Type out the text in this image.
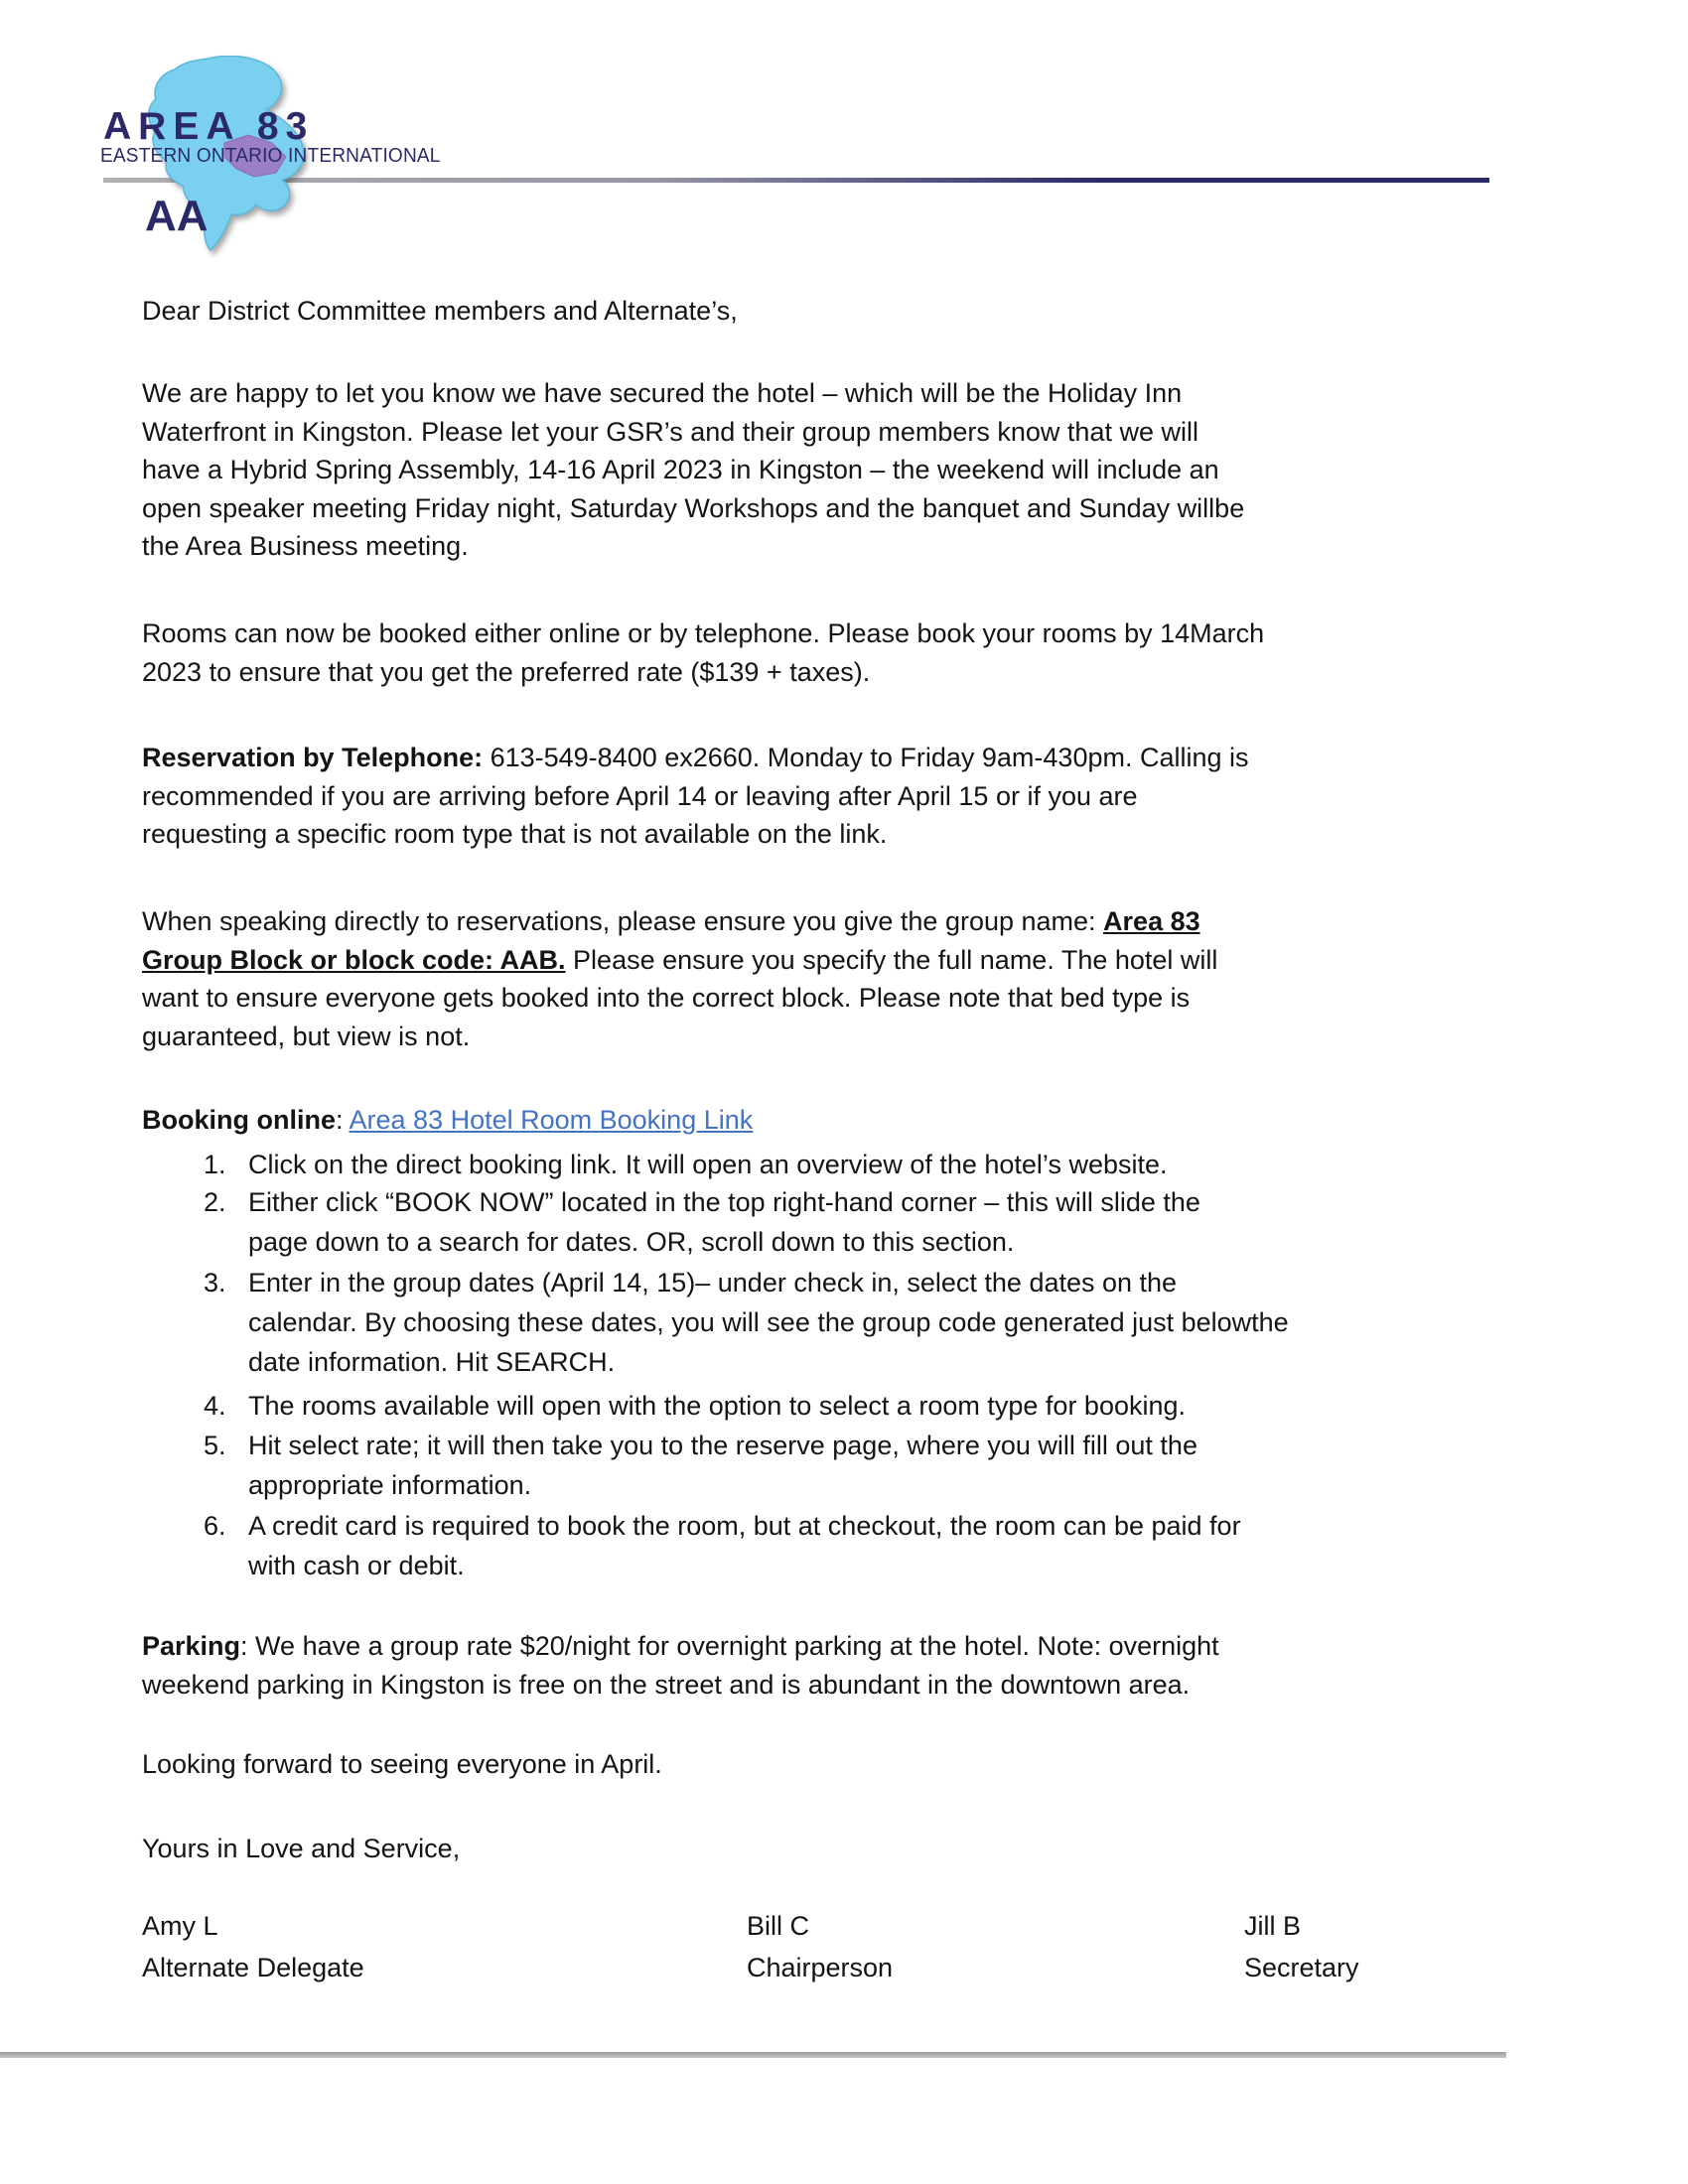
AREA 83
EASTERN ONTARIO INTERNATIONAL
AA
Dear District Committee members and Alternate’s,
We are happy to let you know we have secured the hotel – which will be the Holiday Inn
Waterfront in Kingston. Please let your GSR’s and their group members know that we will
have a Hybrid Spring Assembly, 14-16 April 2023 in Kingston – the weekend will include an
open speaker meeting Friday night, Saturday Workshops and the banquet and Sunday willbe
the Area Business meeting.
Rooms can now be booked either online or by telephone. Please book your rooms by 14March
2023 to ensure that you get the preferred rate ($139 + taxes).
Reservation by Telephone: 613-549-8400 ex2660. Monday to Friday 9am-430pm. Calling is
recommended if you are arriving before April 14 or leaving after April 15 or if you are
requesting a specific room type that is not available on the link.
When speaking directly to reservations, please ensure you give the group name: Area 83
Group Block or block code: AAB. Please ensure you specify the full name. The hotel will
want to ensure everyone gets booked into the correct block. Please note that bed type is
guaranteed, but view is not.
Booking online: Area 83 Hotel Room Booking Link
1. Click on the direct booking link. It will open an overview of the hotel’s website.
2. Either click “BOOK NOW” located in the top right-hand corner – this will slide the
page down to a search for dates. OR, scroll down to this section.
3. Enter in the group dates (April 14, 15)– under check in, select the dates on the
calendar. By choosing these dates, you will see the group code generated just belowthe
date information. Hit SEARCH.
4. The rooms available will open with the option to select a room type for booking.
5. Hit select rate; it will then take you to the reserve page, where you will fill out the
appropriate information.
6. A credit card is required to book the room, but at checkout, the room can be paid for
with cash or debit.
Parking: We have a group rate $20/night for overnight parking at the hotel. Note: overnight
weekend parking in Kingston is free on the street and is abundant in the downtown area.
Looking forward to seeing everyone in April.
Yours in Love and Service,
Amy L
Alternate Delegate
Bill C
Chairperson
Jill B
Secretary
